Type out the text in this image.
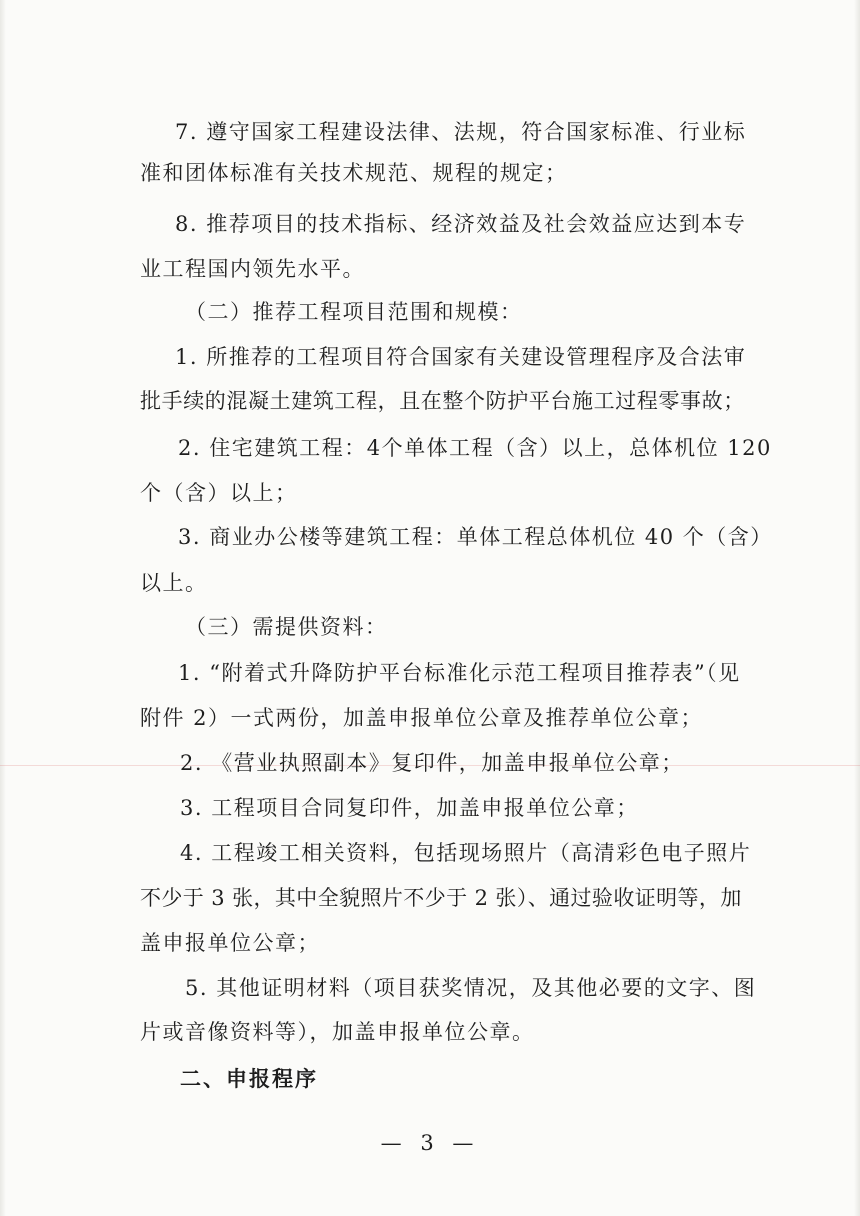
7. 遵守国家工程建设法律、法规，符合国家标准、行业标

准和团体标准有关技术规范、规程的规定；

8. 推荐项目的技术指标、经济效益及社会效益应达到本专

业工程国内领先水平。

（二）推荐工程项目范围和规模：

1. 所推荐的工程项目符合国家有关建设管理程序及合法审

批手续的混凝土建筑工程，且在整个防护平台施工过程零事故；

2. 住宅建筑工程：4个单体工程（含）以上，总体机位 120

个（含）以上；

3. 商业办公楼等建筑工程：单体工程总体机位 40 个（含）

以上。

（三）需提供资料：

1. “附着式升降防护平台标准化示范工程项目推荐表”（见

附件 2）一式两份，加盖申报单位公章及推荐单位公章；

2. 《营业执照副本》复印件，加盖申报单位公章；

3. 工程项目合同复印件，加盖申报单位公章；

4. 工程竣工相关资料，包括现场照片（高清彩色电子照片

不少于 3 张，其中全貌照片不少于 2 张）、通过验收证明等，加

盖申报单位公章；

5. 其他证明材料（项目获奖情况，及其他必要的文字、图

片或音像资料等），加盖申报单位公章。

二、申报程序

— 3 —
